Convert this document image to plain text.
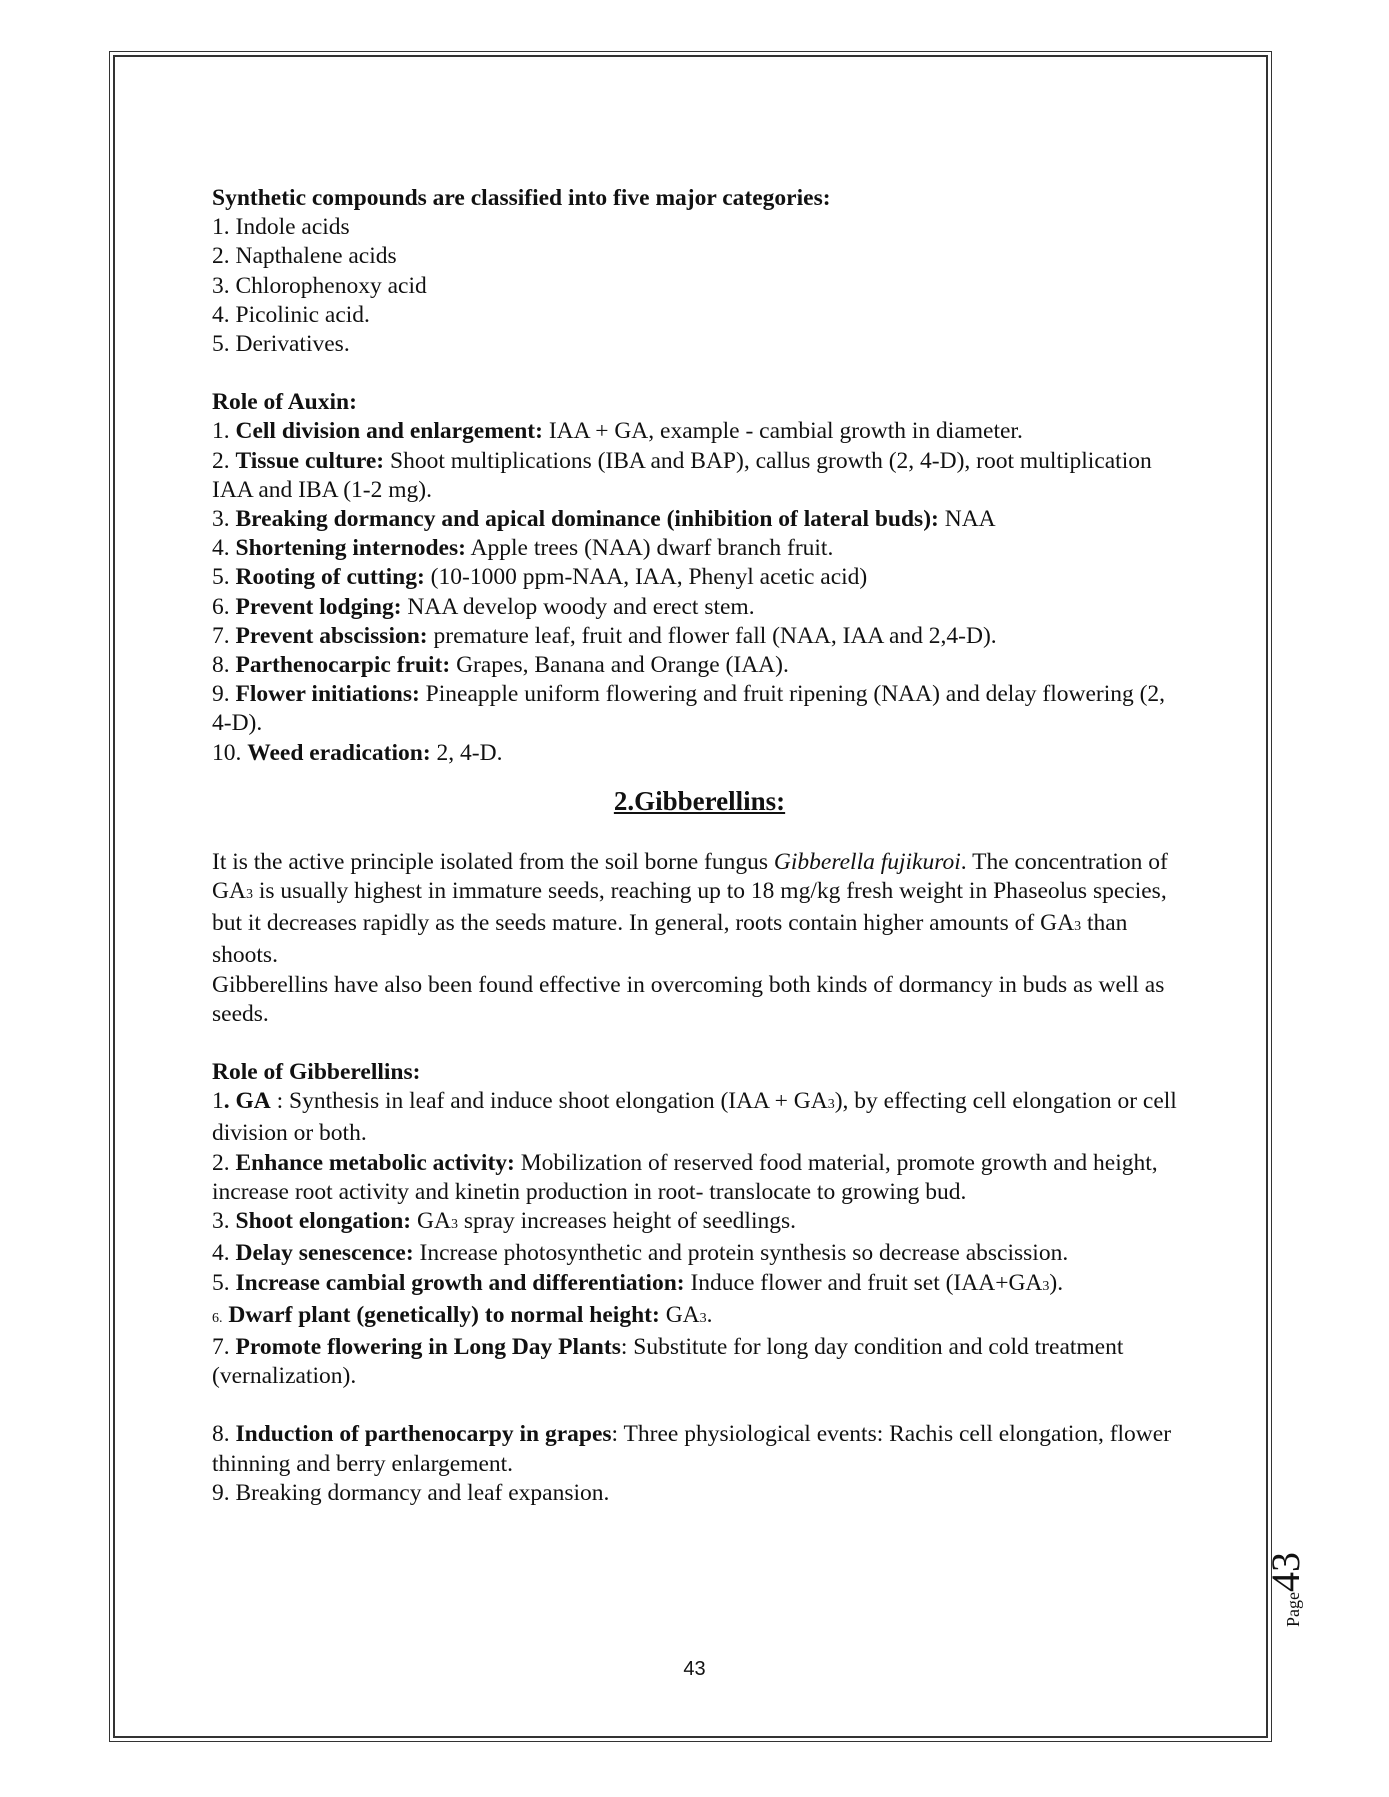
Synthetic compounds are classified into five major categories:

1. Indole acids

2. Napthalene acids

3. Chlorophenoxy acid

4. Picolinic acid.

5. Derivatives.

Role of Auxin:

1. Cell division and enlargement: IAA + GA, example - cambial growth in diameter.

2. Tissue culture: Shoot multiplications (IBA and BAP), callus growth (2, 4-D), root multiplication IAA and IBA (1-2 mg).

3. Breaking dormancy and apical dominance (inhibition of lateral buds): NAA

4. Shortening internodes: Apple trees (NAA) dwarf branch fruit.

5. Rooting of cutting: (10-1000 ppm-NAA, IAA, Phenyl acetic acid)

6. Prevent lodging: NAA develop woody and erect stem.

7. Prevent abscission: premature leaf, fruit and flower fall (NAA, IAA and 2,4-D).

8. Parthenocarpic fruit: Grapes, Banana and Orange (IAA).

9. Flower initiations: Pineapple uniform flowering and fruit ripening (NAA) and delay flowering (2, 4-D).

10. Weed eradication: 2, 4-D.

2.Gibberellins:

It is the active principle isolated from the soil borne fungus Gibberella fujikuroi. The concentration of GA3 is usually highest in immature seeds, reaching up to 18 mg/kg fresh weight in Phaseolus species, but it decreases rapidly as the seeds mature. In general, roots contain higher amounts of GA3 than shoots.

Gibberellins have also been found effective in overcoming both kinds of dormancy in buds as well as seeds.

Role of Gibberellins:

1. GA : Synthesis in leaf and induce shoot elongation (IAA + GA3), by effecting cell elongation or cell division or both.

2. Enhance metabolic activity: Mobilization of reserved food material, promote growth and height, increase root activity and kinetin production in root- translocate to growing bud.

3. Shoot elongation: GA3 spray increases height of seedlings.

4. Delay senescence: Increase photosynthetic and protein synthesis so decrease abscission.

5. Increase cambial growth and differentiation: Induce flower and fruit set (IAA+GA3).

6. Dwarf plant (genetically) to normal height: GA3.

7. Promote flowering in Long Day Plants: Substitute for long day condition and cold treatment (vernalization).

8. Induction of parthenocarpy in grapes: Three physiological events: Rachis cell elongation, flower thinning and berry enlargement.

9. Breaking dormancy and leaf expansion.

Page43
43
